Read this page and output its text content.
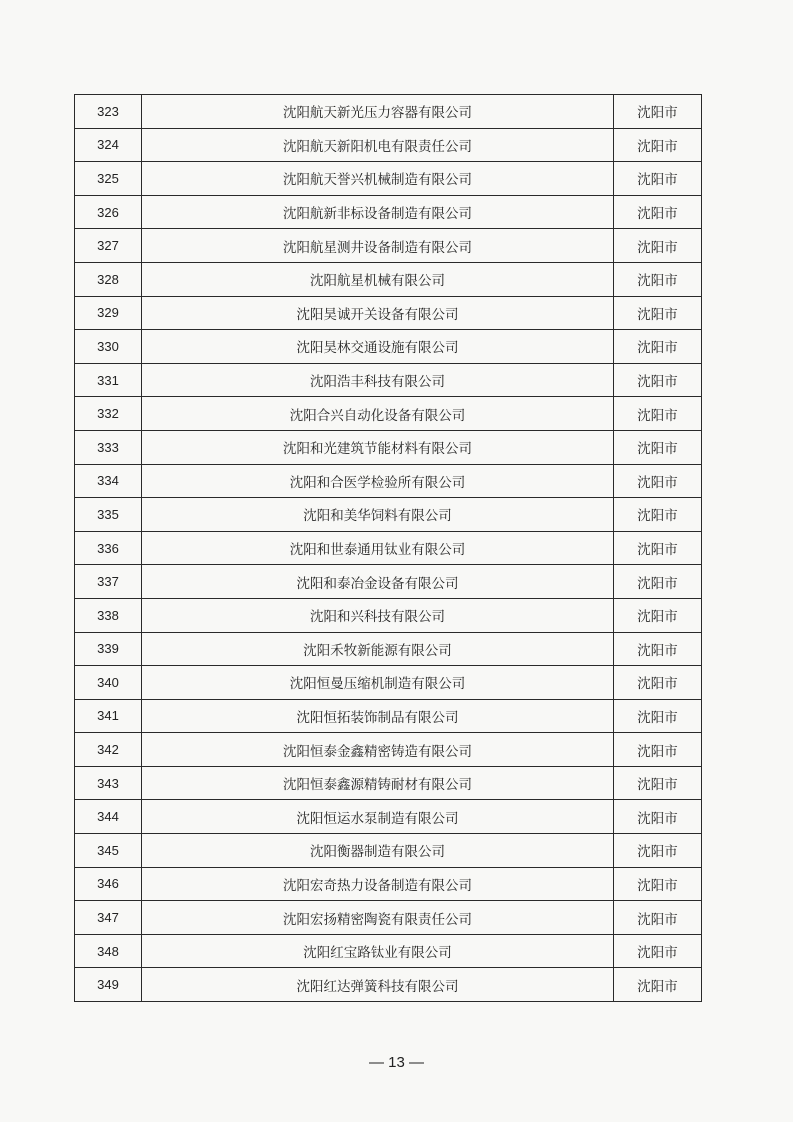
323	沈阳航天新光压力容器有限公司	沈阳市
324	沈阳航天新阳机电有限责任公司	沈阳市
325	沈阳航天誉兴机械制造有限公司	沈阳市
326	沈阳航新非标设备制造有限公司	沈阳市
327	沈阳航星测井设备制造有限公司	沈阳市
328	沈阳航星机械有限公司	沈阳市
329	沈阳昊诚开关设备有限公司	沈阳市
330	沈阳昊林交通设施有限公司	沈阳市
331	沈阳浩丰科技有限公司	沈阳市
332	沈阳合兴自动化设备有限公司	沈阳市
333	沈阳和光建筑节能材料有限公司	沈阳市
334	沈阳和合医学检验所有限公司	沈阳市
335	沈阳和美华饲料有限公司	沈阳市
336	沈阳和世泰通用钛业有限公司	沈阳市
337	沈阳和泰冶金设备有限公司	沈阳市
338	沈阳和兴科技有限公司	沈阳市
339	沈阳禾牧新能源有限公司	沈阳市
340	沈阳恒曼压缩机制造有限公司	沈阳市
341	沈阳恒拓装饰制品有限公司	沈阳市
342	沈阳恒泰金鑫精密铸造有限公司	沈阳市
343	沈阳恒泰鑫源精铸耐材有限公司	沈阳市
344	沈阳恒运水泵制造有限公司	沈阳市
345	沈阳衡器制造有限公司	沈阳市
346	沈阳宏奇热力设备制造有限公司	沈阳市
347	沈阳宏扬精密陶瓷有限责任公司	沈阳市
348	沈阳红宝路钛业有限公司	沈阳市
349	沈阳红达弹簧科技有限公司	沈阳市
— 13 —
